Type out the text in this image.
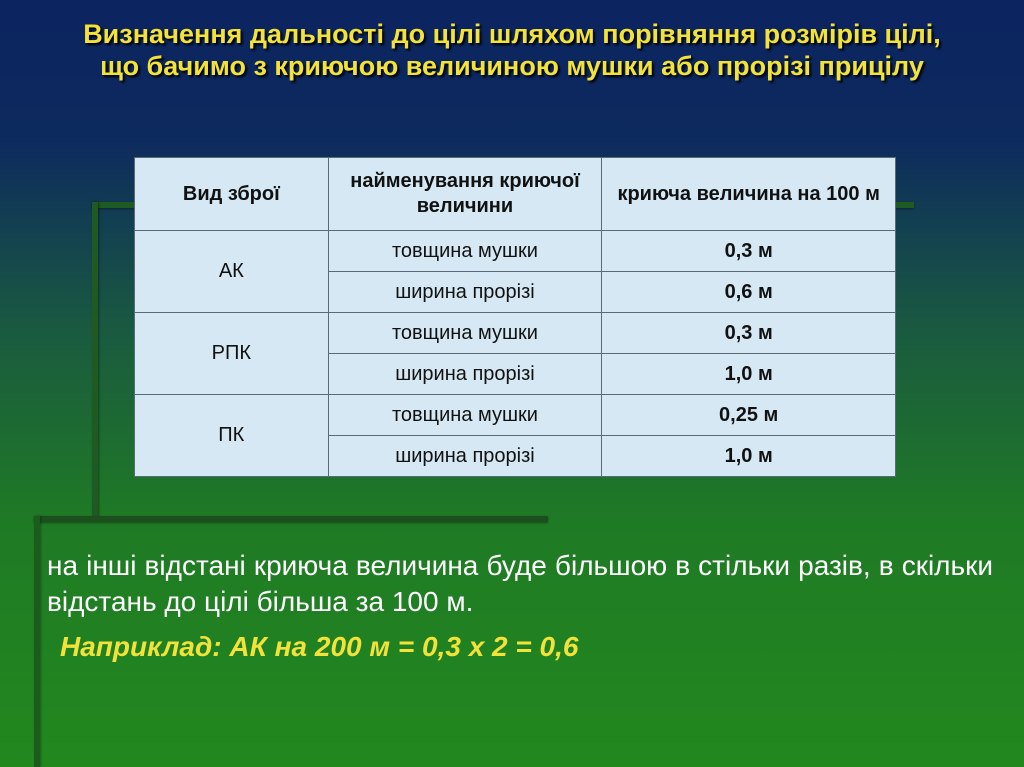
Визначення дальності до цілі шляхом порівняння розмірів цілі,
що бачимо з криючою величиною мушки або прорізі прицілу
Вид зброї	найменування криючої величини	криюча величина на 100 м
АК	товщина мушки	0,3 м
	ширина прорізі	0,6 м
РПК	товщина мушки	0,3 м
	ширина прорізі	1,0 м
ПК	товщина мушки	0,25 м
	ширина прорізі	1,0 м
на інші відстані криюча величина буде більшою в стільки разів, в скільки відстань до цілі більша за 100 м.
Наприклад: АК на 200 м = 0,3 х 2 = 0,6
